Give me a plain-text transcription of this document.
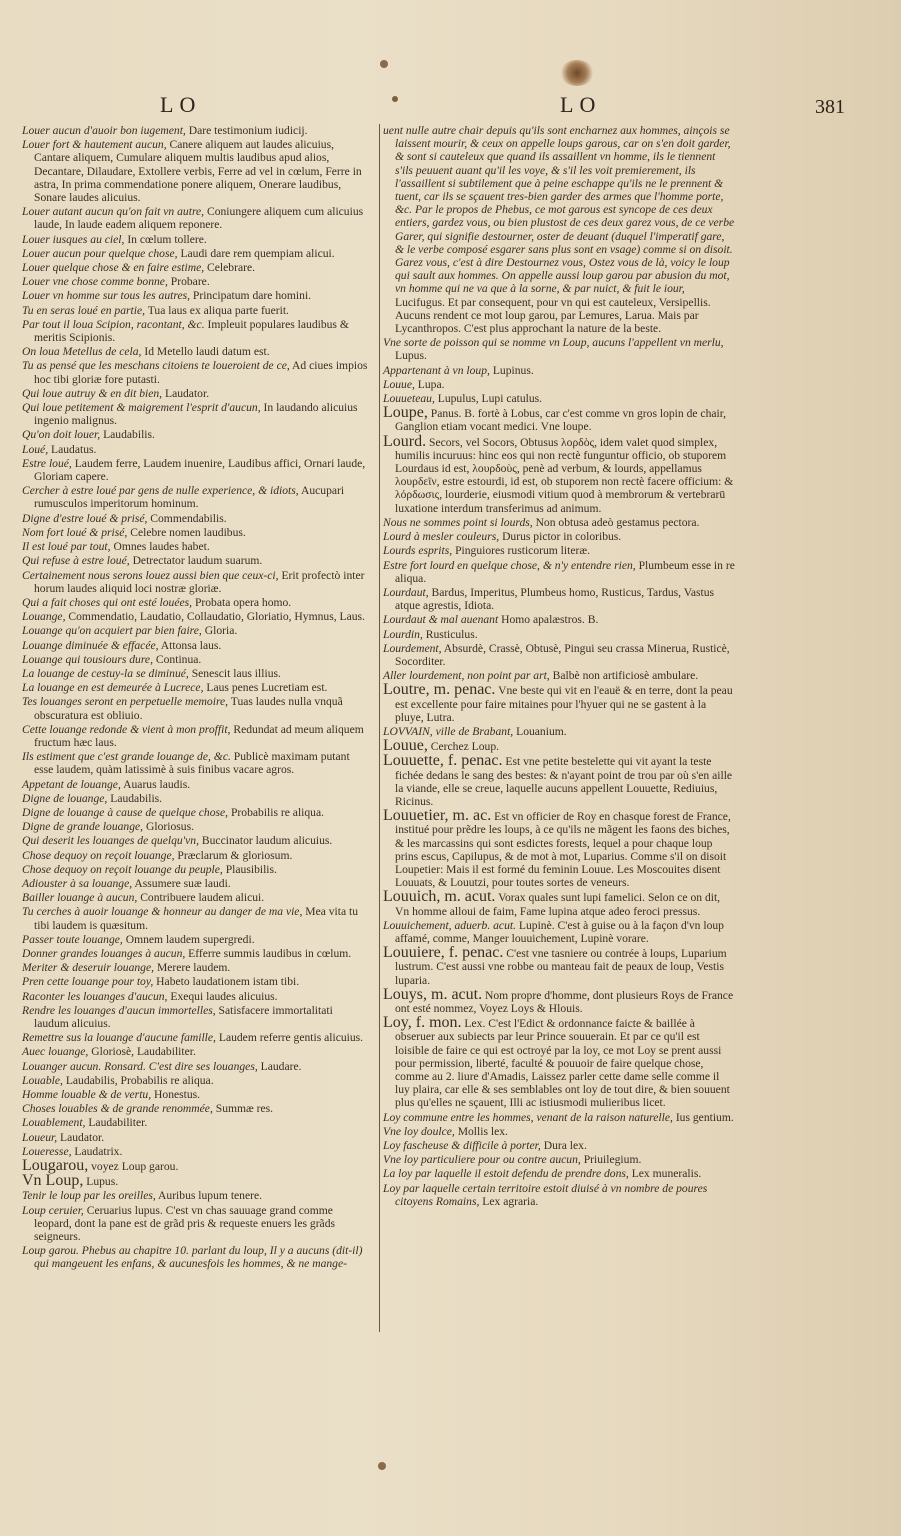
LO	LO	381

Louer aucun d'auoir bon iugement, Dare testimonium iudicij.

Louer fort & hautement aucun, Canere aliquem aut laudes alicuius, Cantare aliquem, Cumulare aliquem multis laudibus apud alios, Decantare, Dilaudare, Extollere verbis, Ferre ad vel in cœlum, Ferre in astra, In prima commendatione ponere aliquem, Onerare laudibus, Sonare laudes alicuius.

Louer autant aucun qu'on fait vn autre, Coniungere aliquem cum alicuius laude, In laude eadem aliquem reponere.

Louer iusques au ciel, In cœlum tollere.

Louer aucun pour quelque chose, Laudi dare rem quempiam alicui.

Louer quelque chose & en faire estime, Celebrare.

Louer vne chose comme bonne, Probare.

Louer vn homme sur tous les autres, Principatum dare homini.

Tu en seras loué en partie, Tua laus ex aliqua parte fuerit.

Par tout il loua Scipion, racontant, &c. Impleuit populares laudibus & meritis Scipionis.

On loua Metellus de cela, Id Metello laudi datum est.

Tu as pensé que les meschans citoiens te loueroient de ce, Ad ciues impios hoc tibi gloriæ fore putasti.

Qui loue autruy & en dit bien, Laudator.

Qui loue petitement & maigrement l'esprit d'aucun, In laudando alicuius ingenio malignus.

Qu'on doit louer, Laudabilis.

Loué, Laudatus.

Estre loué, Laudem ferre, Laudem inuenire, Laudibus affici, Ornari laude, Gloriam capere.

Cercher à estre loué par gens de nulle experience, & idiots, Aucupari rumusculos imperitorum hominum.

Digne d'estre loué & prisé, Commendabilis.

Nom fort loué & prisé, Celebre nomen laudibus.

Il est loué par tout, Omnes laudes habet.

Qui refuse à estre loué, Detrectator laudum suarum.

Certainement nous serons louez aussi bien que ceux-ci, Erit profectò inter horum laudes aliquid loci nostræ gloriæ.

Qui a fait choses qui ont esté louées, Probata opera homo.

Louange, Commendatio, Laudatio, Collaudatio, Gloriatio, Hymnus, Laus.

Louange qu'on acquiert par bien faire, Gloria.

Louange diminuée & effacée, Attonsa laus.

Louange qui tousiours dure, Continua.

La louange de cestuy-la se diminué, Senescit laus illius.

La louange en est demeurée à Lucrece, Laus penes Lucretiam est.

Tes louanges seront en perpetuelle memoire, Tuas laudes nulla vnquã obscuratura est obliuio.

Cette louange redonde & vient à mon proffit, Redundat ad meum aliquem fructum hæc laus.

Ils estiment que c'est grande louange de, &c. Publicè maximam putant esse laudem, quàm latissimè à suis finibus vacare agros.

Appetant de louange, Auarus laudis.

Digne de louange, Laudabilis.

Digne de louange à cause de quelque chose, Probabilis re aliqua.

Digne de grande louange, Gloriosus.

Qui deserit les louanges de quelqu'vn, Buccinator laudum alicuius.

Chose dequoy on reçoit louange, Præclarum & gloriosum.

Chose dequoy on reçoit louange du peuple, Plausibilis.

Adiouster à sa louange, Assumere suæ laudi.

Bailler louange à aucun, Contribuere laudem alicui.

Tu cerches à auoir louange & honneur au danger de ma vie, Mea vita tu tibi laudem is quæsitum.

Passer toute louange, Omnem laudem supergredi.

Donner grandes louanges à aucun, Efferre summis laudibus in cœlum.

Meriter & deseruir louange, Merere laudem.

Pren cette louange pour toy, Habeto laudationem istam tibi.

Raconter les louanges d'aucun, Exequi laudes alicuius.

Rendre les louanges d'aucun immortelles, Satisfacere immortalitati laudum alicuius.

Remettre sus la louange d'aucune famille, Laudem referre gentis alicuius.

Auec louange, Gloriosè, Laudabiliter.

Louanger aucun. Ronsard. C'est dire ses louanges, Laudare.

Louable, Laudabilis, Probabilis re aliqua.

Homme louable & de vertu, Honestus.

Choses louables & de grande renommée, Summæ res.

Louablement, Laudabiliter.

Loueur, Laudator.

Loueresse, Laudatrix.

Lougarou, voyez Loup garou.

Vn Loup, Lupus.

Tenir le loup par les oreilles, Auribus lupum tenere.

Loup ceruier, Ceruarius lupus. C'est vn chas sauuage grand comme leopard, dont la pane est de grãd pris & requeste enuers les grãds seigneurs.

Loup garou. Phebus au chapitre 10. parlant du loup, Il y a aucuns (dit-il) qui mangeuent les enfans, & aucunesfois les hommes, & ne mange-

uent nulle autre chair depuis qu'ils sont encharnez aux hommes, ainçois se laissent mourir, & ceux on appelle loups garous, car on s'en doit garder, & sont si cauteleux que quand ils assaillent vn homme, ils le tiennent s'ils peuuent auant qu'il les voye, & s'il les voit premierement, ils l'assaillent si subtilement que à peine eschappe qu'ils ne le prennent & tuent, car ils se sçauent tres-bien garder des armes que l'homme porte, &c. Par le propos de Phebus, ce mot garous est syncope de ces deux entiers, gardez vous, ou bien plustost de ces deux garez vous, de ce verbe Garer, qui signifie destourner, oster de deuant (duquel l'imperatif gare, & le verbe composé esgarer sans plus sont en vsage) comme si on disoit. Garez vous, c'est à dire Destournez vous, Ostez vous de là, voicy le loup qui sault aux hommes. On appelle aussi loup garou par abusion du mot, vn homme qui ne va que à la sorne, & par nuict, & fuit le iour, Lucifugus. Et par consequent, pour vn qui est cauteleux, Versipellis. Aucuns rendent ce mot loup garou, par Lemures, Larua. Mais par Lycanthropos. C'est plus approchant la nature de la beste.

Vne sorte de poisson qui se nomme vn Loup, aucuns l'appellent vn merlu, Lupus.

Appartenant à vn loup, Lupinus.

Louue, Lupa.

Louueteau, Lupulus, Lupi catulus.

Loupe, Panus. B. fortè à Lobus, car c'est comme vn gros lopin de chair, Ganglion etiam vocant medici. Vne loupe.

Lourd. Secors, vel Socors, Obtusus λορδὸς, idem valet quod simplex, humilis incuruus: hinc eos qui non rectè funguntur officio, ob stuporem Lourdaus id est, λουρδοὺς, penè ad verbum, & lourds, appellamus λουρδεῖν, estre estourdi, id est, ob stuporem non rectè facere officium: & λόρδωσις, lourderie, eiusmodi vitium quod à membrorum & vertebrarū luxatione interdum transferimus ad animum.

Nous ne sommes point si lourds, Non obtusa adeò gestamus pectora.

Lourd à mesler couleurs, Durus pictor in coloribus.

Lourds esprits, Pinguiores rusticorum literæ.

Estre fort lourd en quelque chose, & n'y entendre rien, Plumbeum esse in re aliqua.

Lourdaut, Bardus, Imperitus, Plumbeus homo, Rusticus, Tardus, Vastus atque agrestis, Idiota.

Lourdaut & mal auenant Homo apalæstros. B.

Lourdin, Rusticulus.

Lourdement, Absurdè, Crassè, Obtusè, Pingui seu crassa Minerua, Rusticè, Socorditer.

Aller lourdement, non point par art, Balbè non artificiosè ambulare.

Loutre, m. penac. Vne beste qui vit en l'eauë & en terre, dont la peau est excellente pour faire mitaines pour l'hyuer qui ne se gastent à la pluye, Lutra.

LOVVAIN, ville de Brabant, Louanium.

Louue, Cerchez Loup.

Louuette, f. penac. Est vne petite bestelette qui vit ayant la teste fichée dedans le sang des bestes: & n'ayant point de trou par où s'en aille la viande, elle se creue, laquelle aucuns appellent Louuette, Rediuius, Ricinus.

Louuetier, m. ac. Est vn officier de Roy en chasque forest de France, institué pour prẽdre les loups, à ce qu'ils ne mãgent les faons des biches, & les marcassins qui sont esdictes forests, lequel a pour chaque loup prins escus, Capilupus, & de mot à mot, Luparius. Comme s'il on disoit Loupetier: Mais il est formé du feminin Louue. Les Moscouites disent Louuats, & Louutzi, pour toutes sortes de veneurs.

Louuich, m. acut. Vorax quales sunt lupi famelici. Selon ce on dit, Vn homme alloui de faim, Fame lupina atque adeo feroci pressus.

Louuichement, aduerb. acut. Lupinè. C'est à guise ou à la façon d'vn loup affamé, comme, Manger louuichement, Lupinè vorare.

Louuiere, f. penac. C'est vne tasniere ou contrée à loups, Luparium lustrum. C'est aussi vne robbe ou manteau fait de peaux de loup, Vestis luparia.

Louys, m. acut. Nom propre d'homme, dont plusieurs Roys de France ont esté nommez, Voyez Loys & Hlouis.

Loy, f. mon. Lex. C'est l'Edict & ordonnance faicte & baillée à obseruer aux subiects par leur Prince souuerain. Et par ce qu'il est loisible de faire ce qui est octroyé par la loy, ce mot Loy se prent aussi pour permission, liberté, faculté & pouuoir de faire quelque chose, comme au 2. liure d'Amadis, Laissez parler cette dame selle comme il luy plaira, car elle & ses semblables ont loy de tout dire, & bien souuent plus qu'elles ne sçauent, Illi ac istiusmodi mulieribus licet.

Loy commune entre les hommes, venant de la raison naturelle, Ius gentium.

Vne loy doulce, Mollis lex.

Loy fascheuse & difficile à porter, Dura lex.

Vne loy particuliere pour ou contre aucun, Priuilegium.

La loy par laquelle il estoit defendu de prendre dons, Lex muneralis.

Loy par laquelle certain territoire estoit diuisé à vn nombre de poures citoyens Romains, Lex agraria.
